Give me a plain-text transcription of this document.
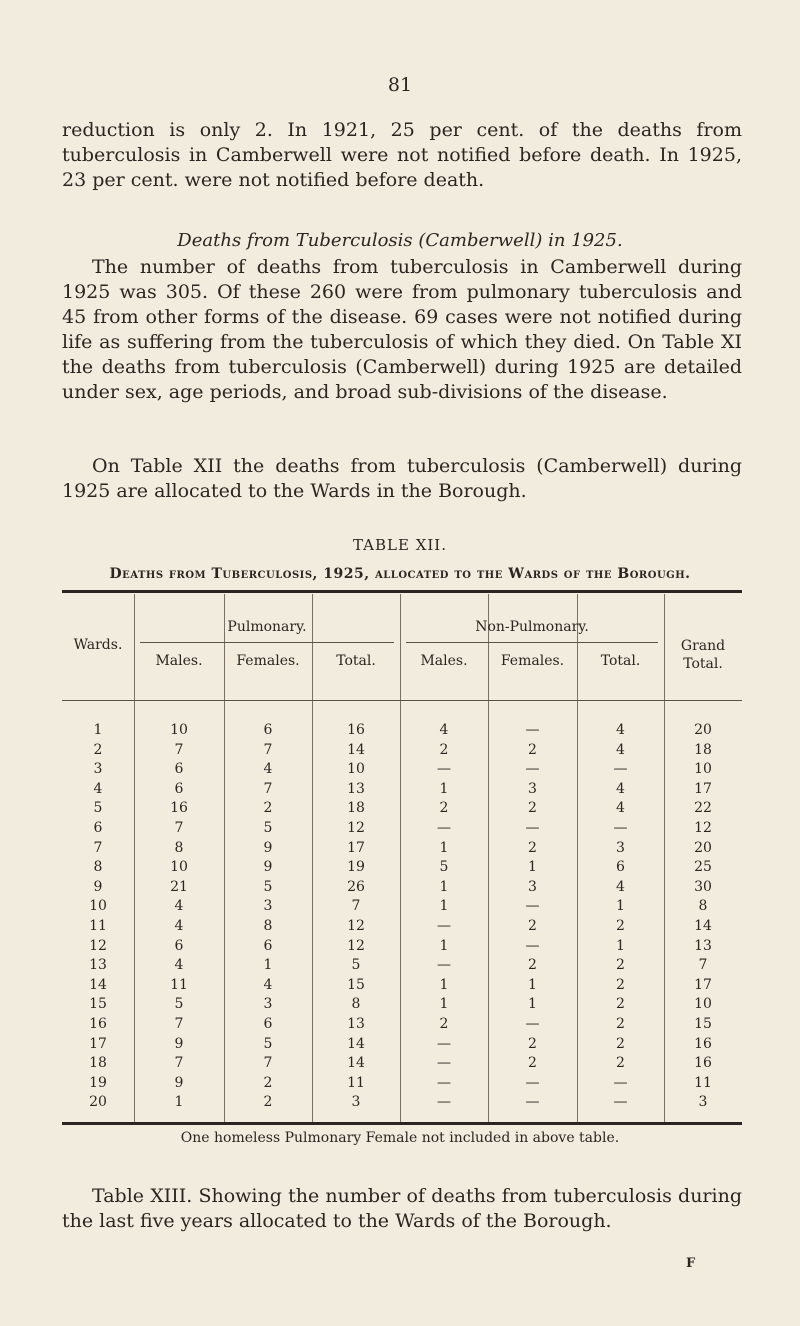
81

reduction is only 2. In 1921, 25 per cent. of the deaths from tuberculosis in Camberwell were not notified before death. In 1925, 23 per cent. were not notified before death.

Deaths from Tuberculosis (Camberwell) in 1925.

The number of deaths from tuberculosis in Camberwell during 1925 was 305. Of these 260 were from pulmonary tuberculosis and 45 from other forms of the disease. 69 cases were not notified during life as suffering from the tuberculosis of which they died. On Table XI the deaths from tuberculosis (Camberwell) during 1925 are detailed under sex, age periods, and broad sub-divisions of the disease.

On Table XII the deaths from tuberculosis (Camberwell) during 1925 are allocated to the Wards in the Borough.

TABLE XII.
Deaths from Tuberculosis, 1925, allocated to the Wards of the Borough.
Wards.
Pulmonary.	Non-Pulmonary.
Grand
Total.
Males.	Females.	Total.	Males.	Females.	Total.
1	10	6	16	4	—	4	20
2	7	7	14	2	2	4	18
3	6	4	10	—	—	—	10
4	6	7	13	1	3	4	17
5	16	2	18	2	2	4	22
6	7	5	12	—	—	—	12
7	8	9	17	1	2	3	20
8	10	9	19	5	1	6	25
9	21	5	26	1	3	4	30
10	4	3	7	1	—	1	8
11	4	8	12	—	2	2	14
12	6	6	12	1	—	1	13
13	4	1	5	—	2	2	7
14	11	4	15	1	1	2	17
15	5	3	8	1	1	2	10
16	7	6	13	2	—	2	15
17	9	5	14	—	2	2	16
18	7	7	14	—	2	2	16
19	9	2	11	—	—	—	11
20	1	2	3	—	—	—	3
One homeless Pulmonary Female not included in above table.

Table XIII. Showing the number of deaths from tuberculosis during the last five years allocated to the Wards of the Borough.

F
